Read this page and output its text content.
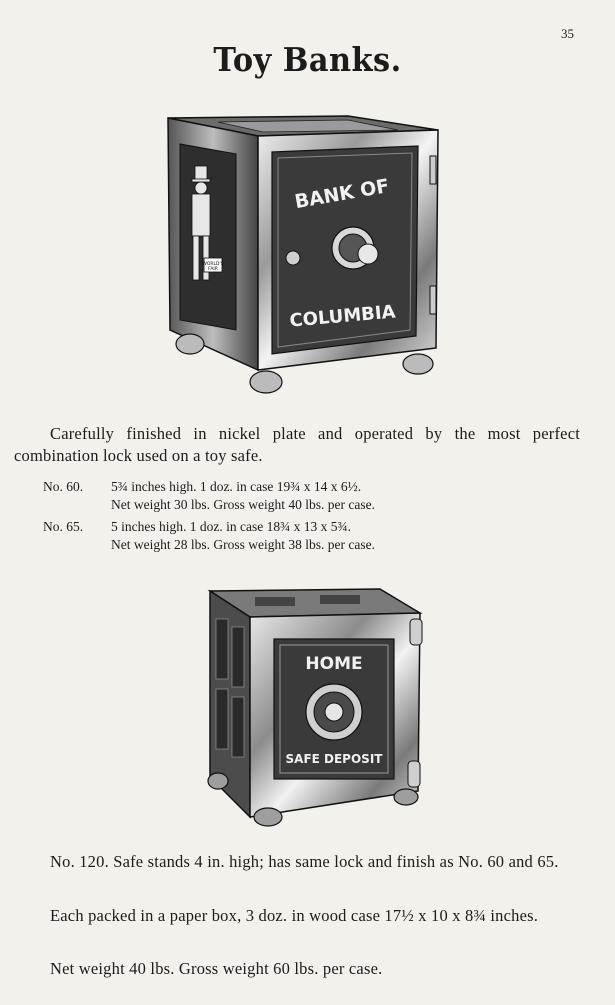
35
Toy Banks.
WORLD'S
FAIR
BANK OF
COLUMBIA
Carefully finished in nickel plate and operated by the most perfect combination lock used on a toy safe.
No. 60. 5¾ inches high. 1 doz. in case 19¾ x 14 x 6½.
Net weight 30 lbs. Gross weight 40 lbs. per case.
No. 65. 5 inches high. 1 doz. in case 18¾ x 13 x 5¾.
Net weight 28 lbs. Gross weight 38 lbs. per case.
HOME
SAFE DEPOSIT
No. 120. Safe stands 4 in. high; has same lock and finish as No. 60 and 65.
Each packed in a paper box, 3 doz. in wood case 17½ x 10 x 8¾ inches.
Net weight 40 lbs. Gross weight 60 lbs. per case.
